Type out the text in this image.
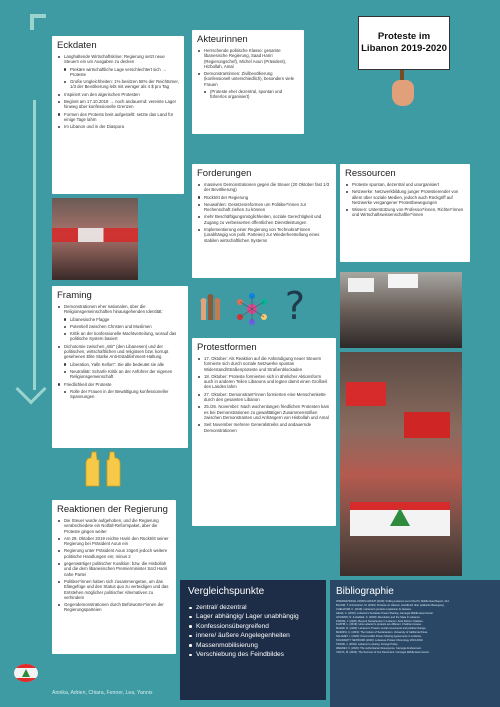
Eckdaten
Langhaltende Wirtschaftskrise: Regierung setzt neue Steuern ein um Ausgaben zu decken
Prekäre wirtschaftliche Lage verschlechtert sich → Proteste
Große Ungleichheiten: 1% besitzen 58% der Reichtümer, 1/3 der Bevölkerung lebt mit weniger als 4 $ pro Tag
Inspiriert von den algerischen Protesten
Beginnt am 17.10.2019 → noch andauernd: vereinte Lager hinweg über konfessionelle Grenzen
Formen des Protests breit aufgestellt: setzte das Land für einige Tage lahm
Im Libanon und in der Diaspora
Akteurinnen
Herrschende politische Klasse: gesamte libanesische Regierung, Saad Hariri (Regierungschef), Michel Aoun (Präsident), Hizbollah, Amal
Demonstrantinnen: Zivilbevölkerung (konfessionell unterschiedlich), besonders viele Frauen
(Proteste eher dezentral, spontan und führerlos organisiert)
Proteste im Libanon 2019-2020
Forderungen
massiven Demonstrationen gegen die Steuer (20 Oktober fast 1/3 der Bevölkerung)
Rücktritt der Regierung
Neuwahlen: Gesetzesreformen um Politiker*innen zur Rechenschaft ziehen zu können
mehr Beschäftigungsmöglichkeiten, soziale Gerechtigkeit und Zugang zu verbesserten öffentlichen Dienstleistungen
Implementierung einer Regierung von Technokrat*innen (unabhängig von polit. Parteien) zur Wiederherstellung eines stabilen wirtschaftlichen Systems
Ressourcen
Proteste spontan, dezentral und unorganisiert
Netzwerke: Netzwerkbildung junger Protestierender von allem über soziale Medien, jedoch auch Rückgriff auf Netzwerke vergangener Protestbewegungen
Wissen: Unterstützung von Professor*innen, Richter*innen und Wirtschaftswissenschaftler*innen
?
Framing
Demonstrationen eher nationalen, über die Religionsgemeinschaften hinausgehenden Identität:
Libanesische Flagge
Potentiell zwischen Christen und Muslimen
Kritik an der konfessionelle Machtverteilung, worauf das politische System basiert
Dichotomie zwischen „Wir" (den Libanesen) und der politischen, wirtschaftlichen und religiösen bzw. korrupt gesehenen Elite Starke Anti-Establishment-Haltung
Liberation, Yalln Kellon": Sie alle bedeutet sie alle
Neutralität: Scharfe Kritik an der Anführer der eigenen Religionsgemeinschaft
Friedlichkeit der Proteste
Rolle der Frauen in der Bewältigung konfessioneller Spannungen
Protestformen
17. Oktober: Als Reaktion auf die Ankündigung neuer Steuern formierte sich durch soziale Netzwerke spontan Widerstand/Straßenproteste und Straßenblockaden
18. Oktober: Proteste formierten sich in ähnlicher Aktionsform auch in anderen Teilen Libanons und legten damit einen Großteil des Landes lahm
27. Oktober: Demonstrant*innen formierten eine Menschenkette durch den gesamten Libanon
25./26. November: Nach wochenlangen friedlichen Protesten kam es bei Demonstrationen zu gewalttätigen Zusammenstößen zwischen Demonstranten und Anhängern von Hisbollah und Amal
Seit November mehrere Generalstreiks und andauernde Demonstrationen
Reaktionen der Regierung
Die Steuer wurde aufgehoben, und die Regierung verabschiedete ein Notfall-Reformpaket, aber die Proteste gingen weiter
Am 29. Oktober 2019 reichte Hariri den Rücktritt seiner Regierung bei Präsident Aoun ein
Regierung unter Präsident Aoun zögert jedoch weitere politische Handlungen ein; minus 2
gegenwärtiger politischer Koalition: bzw. die Hisbollah und die dem libanesischen Premierminister Sa'd Hariri nahe Partei
Politiker*innen haben sich zusammengetan, um das Elitegefüge und den Status quo zu verteidigen und das Entstehen möglicher politischer Alternativen zu verhindern
Gegendemonstrationen durch Befürworter*innen der Regierungsparteien
Vergleichspunkte
zentral/ dezentral
Lager abhängig/ Lager unabhängig
Konfessionsübergreifend
innere/ äußere Angelegenheiten
Massenmobilisierung
Verschiebung des Feindbildes
Bibliographie
INTERNATIONAL CRISIS GROUP (2019): Pulling Lebanon out of the Pit. Middle East Report, 214.
BLUHM, T. & Krstulovic, M. (2020): Proteste im Libanon. Handbuch über politische Bewegung.
CHEHAYEB, K. (2019): Lebanon's protests explained. Al Jazeera.
GEHA, C. (2019): Lebanon's Sectarian Power Sharing. Carnegie Middle East Center.
HOURANI, N. & Haddad, S. (2020): Revolution and the State in Lebanon.
KARAM, J. (2020): Beyond Sectarianism in Lebanon. Arab Reform Initiative.
KHATIB, L. (2019): How Lebanon's protests are different. Chatham House.
MAJED, R. (2020): Lebanon's Thawra: social movements and political change.
MAKDISI, U. (2019): The Culture of Sectarianism. University of California Press.
SALAMEY, I. (2020): Post-Conflict Power-Sharing Agreements in Lebanon.
SOLIDARITY NETWORK (2020): Lebanese Protest Chronology 2019-2020.
TRAUB, J. (2019): Lebanon's uprising. Foreign Policy.
WEHREY, F. (2020): The Authoritarian Resurgence. Carnegie Endowment.
YAHYA, M. (2019): The Summer of Our Discontent. Carnegie Middle East Center.
Annika, Adrien, Chiara, Fenner, Lea, Yannis
